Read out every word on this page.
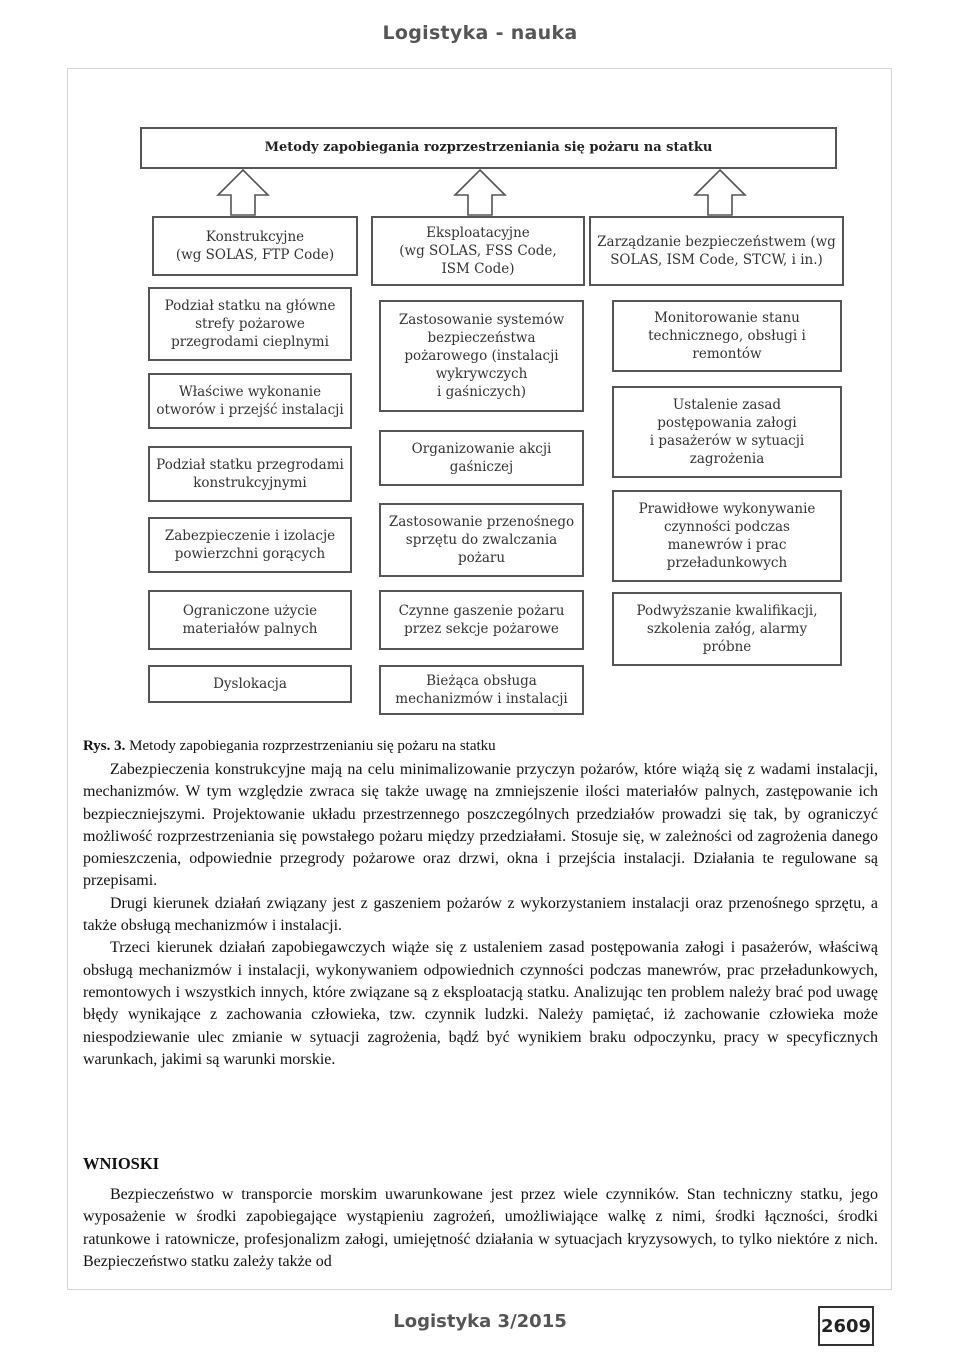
Logistyka - nauka
Metody zapobiegania rozprzestrzeniania się pożaru na statku
Konstrukcyjne
(wg SOLAS, FTP Code)
Eksploatacyjne
(wg SOLAS, FSS Code,
ISM Code)
Zarządzanie bezpieczeństwem (wg
SOLAS, ISM Code, STCW, i in.)
Podział statku na główne
strefy pożarowe
przegrodami cieplnymi
Właściwe wykonanie
otworów i przejść instalacji
Podział statku przegrodami
konstrukcyjnymi
Zabezpieczenie i izolacje
powierzchni gorących
Ograniczone użycie
materiałów palnych
Dyslokacja
Zastosowanie systemów
bezpieczeństwa
pożarowego (instalacji
wykrywczych
i gaśniczych)
Organizowanie akcji
gaśniczej
Zastosowanie przenośnego
sprzętu do zwalczania
pożaru
Czynne gaszenie pożaru
przez sekcje pożarowe
Bieżąca obsługa
mechanizmów i instalacji
Monitorowanie stanu
technicznego, obsługi i
remontów
Ustalenie zasad
postępowania załogi
i pasażerów w sytuacji
zagrożenia
Prawidłowe wykonywanie
czynności podczas
manewrów i prac
przeładunkowych
Podwyższanie kwalifikacji,
szkolenia załóg, alarmy
próbne
Rys. 3. Metody zapobiegania rozprzestrzenianiu się pożaru na statku

Zabezpieczenia konstrukcyjne mają na celu minimalizowanie przyczyn pożarów, które wiążą się z wadami instalacji, mechanizmów. W tym względzie zwraca się także uwagę na zmniejszenie ilości materiałów palnych, zastępowanie ich bezpieczniejszymi. Projektowanie układu przestrzennego poszczególnych przedziałów prowadzi się tak, by ograniczyć możliwość rozprzestrzeniania się powstałego pożaru między przedziałami. Stosuje się, w zależności od zagrożenia danego pomieszczenia, odpowiednie przegrody pożarowe oraz drzwi, okna i przejścia instalacji. Działania te regulowane są przepisami.

Drugi kierunek działań związany jest z gaszeniem pożarów z wykorzystaniem instalacji oraz przenośnego sprzętu, a także obsługą mechanizmów i instalacji.

Trzeci kierunek działań zapobiegawczych wiąże się z ustaleniem zasad postępowania załogi i pasażerów, właściwą obsługą mechanizmów i instalacji, wykonywaniem odpowiednich czynności podczas manewrów, prac przeładunkowych, remontowych i wszystkich innych, które związane są z eksploatacją statku. Analizując ten problem należy brać pod uwagę błędy wynikające z zachowania człowieka, tzw. czynnik ludzki. Należy pamiętać, iż zachowanie człowieka może niespodziewanie ulec zmianie w sytuacji zagrożenia, bądź być wynikiem braku odpoczynku, pracy w specyficznych warunkach, jakimi są warunki morskie.

WNIOSKI

Bezpieczeństwo w transporcie morskim uwarunkowane jest przez wiele czynników. Stan techniczny statku, jego wyposażenie w środki zapobiegające wystąpieniu zagrożeń, umożliwiające walkę z nimi, środki łączności, środki ratunkowe i ratownicze, profesjonalizm załogi, umiejętność działania w sytuacjach kryzysowych, to tylko niektóre z nich. Bezpieczeństwo statku zależy także od

Logistyka 3/2015	2609
